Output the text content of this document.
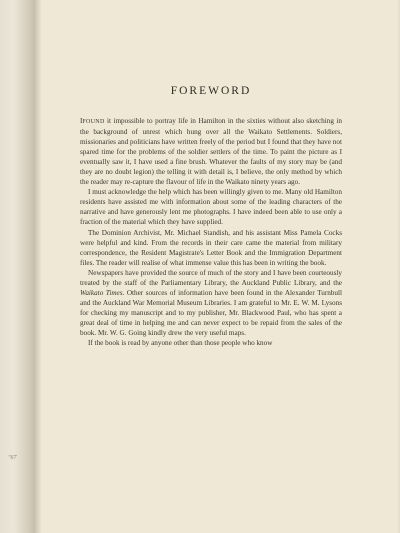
"67
FOREWORD

IFOUND it impossible to portray life in Hamilton in the sixties without also sketching in the background of unrest which hung over all the Waikato Settlements. Soldiers, missionaries and politicians have written freely of the period but I found that they have not spared time for the problems of the soldier settlers of the time. To paint the picture as I eventually saw it, I have used a fine brush. Whatever the faults of my story may be (and they are no doubt legion) the telling it with detail is, I believe, the only method by which the reader may re-capture the flavour of life in the Waikato ninety years ago.

I must acknowledge the help which has been willingly given to me. Many old Hamilton residents have assisted me with information about some of the leading characters of the narrative and have generously lent me photographs. I have indeed been able to use only a fraction of the material which they have supplied.

The Dominion Archivist, Mr. Michael Standish, and his assistant Miss Pamela Cocks were helpful and kind. From the records in their care came the material from military correspondence, the Resident Magistrate's Letter Book and the Immigration Department files. The reader will realise of what immense value this has been in writing the book.

Newspapers have provided the source of much of the story and I have been courteously treated by the staff of the Parliamentary Library, the Auckland Public Library, and the Waikato Times. Other sources of information have been found in the Alexander Turnbull and the Auckland War Memorial Museum Libraries. I am grateful to Mr. E. W. M. Lysons for checking my manuscript and to my publisher, Mr. Blackwood Paul, who has spent a great deal of time in helping me and can never expect to be repaid from the sales of the book. Mr. W. G. Going kindly drew the very useful maps.

If the book is read by anyone other than those people who know
